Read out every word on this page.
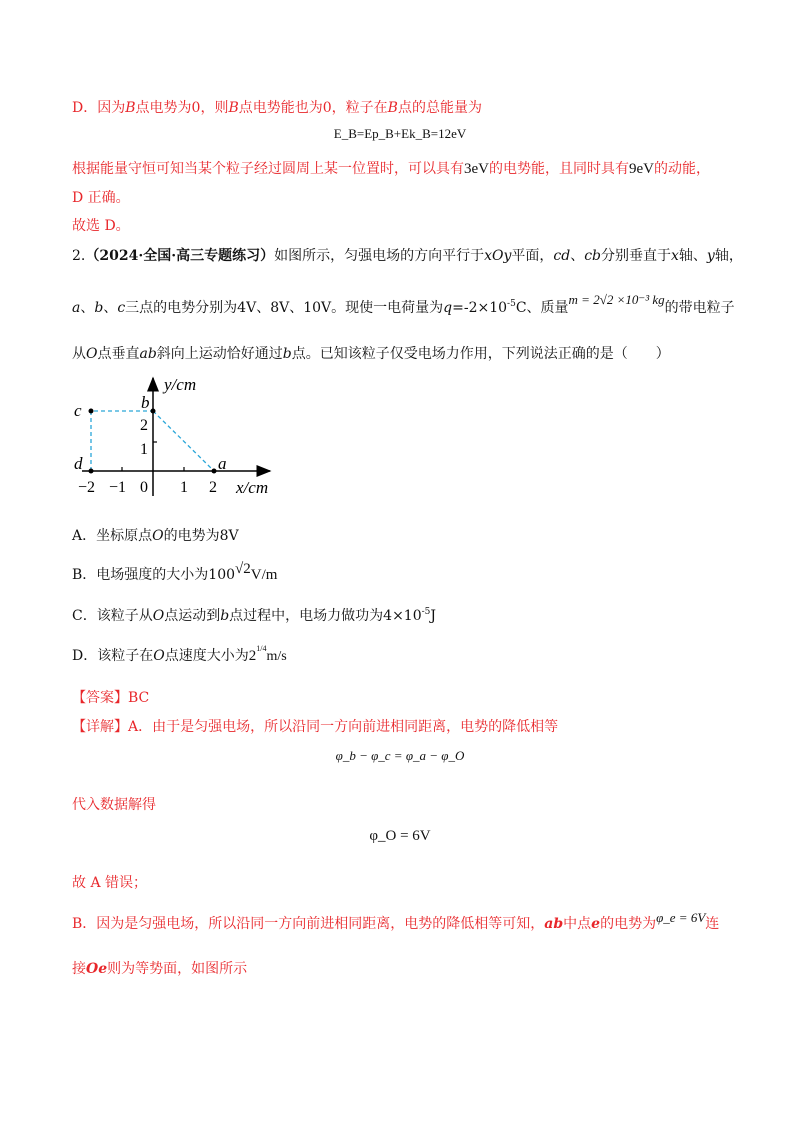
D．因为B点电势为0，则B点电势能也为0，粒子在B点的总能量为
E_B=Ep_B+Ek_B=12eV
根据能量守恒可知当某个粒子经过圆周上某一位置时，可以具有3eV的电势能，且同时具有9eV的动能，
D 正确。
故选 D。
2.（2024·全国·高三专题练习）如图所示，匀强电场的方向平行于xOy平面，cd、cb分别垂直于x轴、y轴，
a、b、c三点的电势分别为4V、8V、10V。现使一电荷量为$q=-2\times 10^{-5}C$、质量m = 2√2 ×10⁻³ kg的带电粒子
从O点垂直ab斜向上运动恰好通过b点。已知该粒子仅受电场力作用，下列说法正确的是（　　）
y/cm
x/cm
c	b
d	a
2
1
−2 −1 0 1 2
A．坐标原点O的电势为8V
B．电场强度的大小为100√2V/m
C．该粒子从O点运动到b点过程中，电场力做功为$4\times 10^{-5}J$
D．该粒子在O点速度大小为$2^{1/4}m/s$
【答案】BC
【详解】A．由于是匀强电场，所以沿同一方向前进相同距离，电势的降低相等
φ_b − φ_c = φ_a − φ_O
代入数据解得
φ_O = 6V
故 A 错误；
B．因为是匀强电场，所以沿同一方向前进相同距离，电势的降低相等可知，ab中点e的电势为φ_e = 6V连
接Oe则为等势面，如图所示
